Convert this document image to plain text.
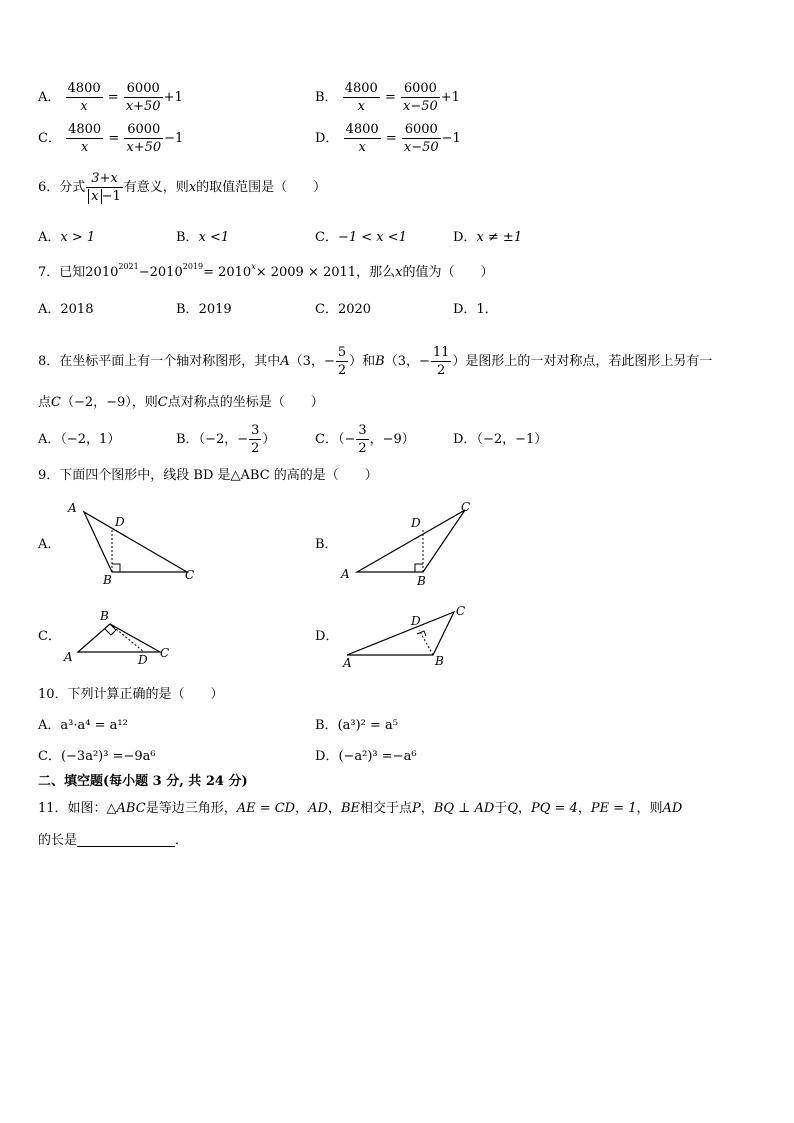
A． $\frac{4800}{x} = \frac{6000}{x+50} +1$	B． $\frac{4800}{x} = \frac{6000}{x-50} +1$
C． $\frac{4800}{x} = \frac{6000}{x+50} -1$	D． $\frac{4800}{x} = \frac{6000}{x-50} -1$
6．分式 $\frac{3+x}{x -1}$ 有意义，则x的取值范围是（　　）
A．x > 1	B．x <1	C．−1 < x <1	D．x ≠ ±1
7．已知$2010^{2021}-2010^{2019}= 2010^x\times 2009 \times 2011$，那么x的值为（　　）
A．2018	B．2019	C．2020	D．1．
8．在坐标平面上有一个轴对称图形，其中A（3，− $\frac{5}{2}$ ）和B（3，− $\frac{11}{2}$ ）是图形上的一对对称点，若此图形上另有一
点C（−2，−9），则C点对称点的坐标是（　　）
A．（−2，1）	B．（−2，− $\frac{3}{2}$ ）	C．（− $\frac{3}{2}$ ，−9）	D．（−2，−1）
9．下面四个图形中，线段 BD 是△ABC 的高的是（　　）
A．
A
D
B	C
B．
A
D
B
C
C．
B
A	D C
D．
D
C
A	B
10．下列计算正确的是（　　）
A．a³·a⁴ = a¹²	B．(a³)² = a⁵
C．(−3a²)³ =−9a⁶	D．(−a²)³ =−a⁶
二、填空题(每小题 3 分, 共 24 分)
11．如图：△ABC是等边三角形，AE = CD，AD，BE相交于点P，BQ ⊥ AD于Q，PQ = 4，PE = 1，则AD
的长是	．
